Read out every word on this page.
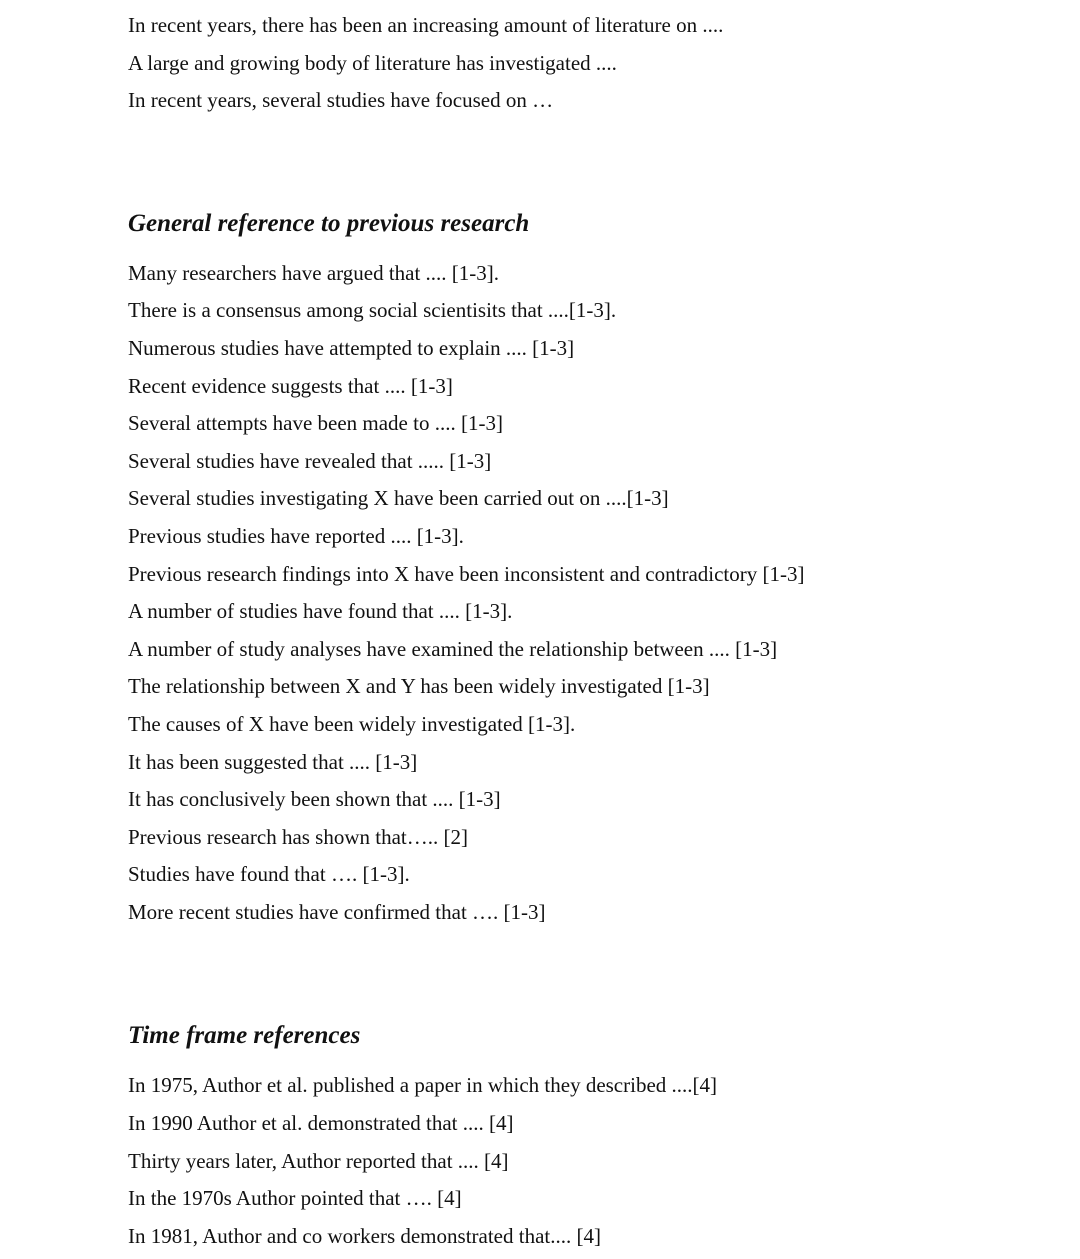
In recent years, there has been an increasing amount of literature on ....

A large and growing body of literature has investigated ....

In recent years, several studies have focused on …

General reference to previous research

Many researchers have argued that .... [1-3].

There is a consensus among social scientisits that ....[1-3].

Numerous studies have attempted to explain .... [1-3]

Recent evidence suggests that .... [1-3]

Several attempts have been made to .... [1-3]

Several studies have revealed that ..... [1-3]

Several studies investigating X have been carried out on ....[1-3]

Previous studies have reported .... [1-3].

Previous research findings into X have been inconsistent and contradictory [1-3]

A number of studies have found that .... [1-3].

A number of study analyses have examined the relationship between .... [1-3]

The relationship between X and Y has been widely investigated [1-3]

The causes of X have been widely investigated [1-3].

It has been suggested that .... [1-3]

It has conclusively been shown that .... [1-3]

Previous research has shown that….. [2]

Studies have found that …. [1-3].

More recent studies have confirmed that …. [1-3]

Time frame references

In 1975, Author et al. published a paper in which they described ....[4]

In 1990 Author et al. demonstrated that .... [4]

Thirty years later, Author reported that .... [4]

In the 1970s Author pointed that …. [4]

In 1981, Author and co workers demonstrated that.... [4]
